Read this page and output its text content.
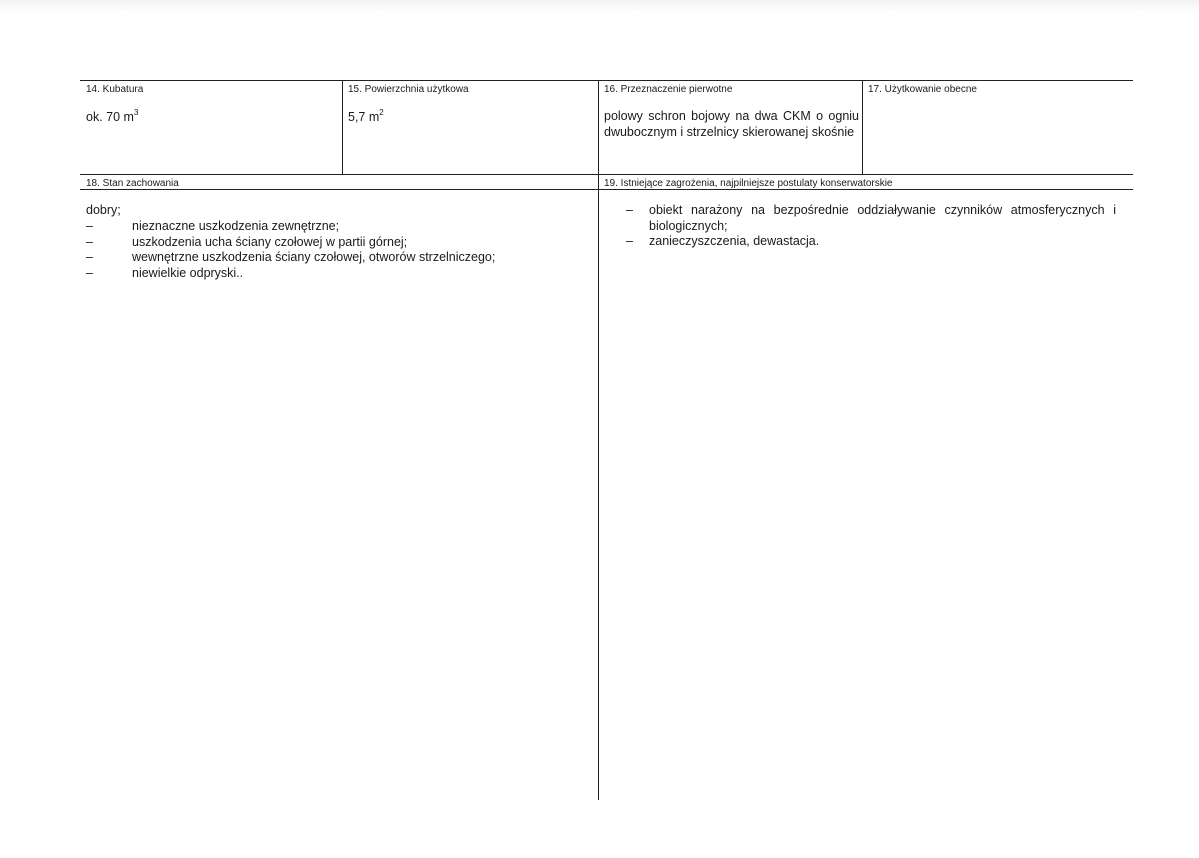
14. Kubatura
ok. 70 $m^3$
15. Powierzchnia użytkowa
5,7 $m^2$
16. Przeznaczenie pierwotne
polowy schron bojowy na dwa CKM o ogniu dwubocznym i strzelnicy skierowanej skośnie
17. Użytkowanie obecne
18. Stan zachowania
dobry;
–	nieznaczne uszkodzenia zewnętrzne;
–	uszkodzenia ucha ściany czołowej w partii górnej;
–	wewnętrzne uszkodzenia ściany czołowej, otworów strzelniczego;
–	niewielkie odpryski..
19. Istniejące zagrożenia, najpilniejsze postulaty konserwatorskie
– obiekt narażony na bezpośrednie oddziaływanie czynników atmosferycznych i biologicznych;
– zanieczyszczenia, dewastacja.
